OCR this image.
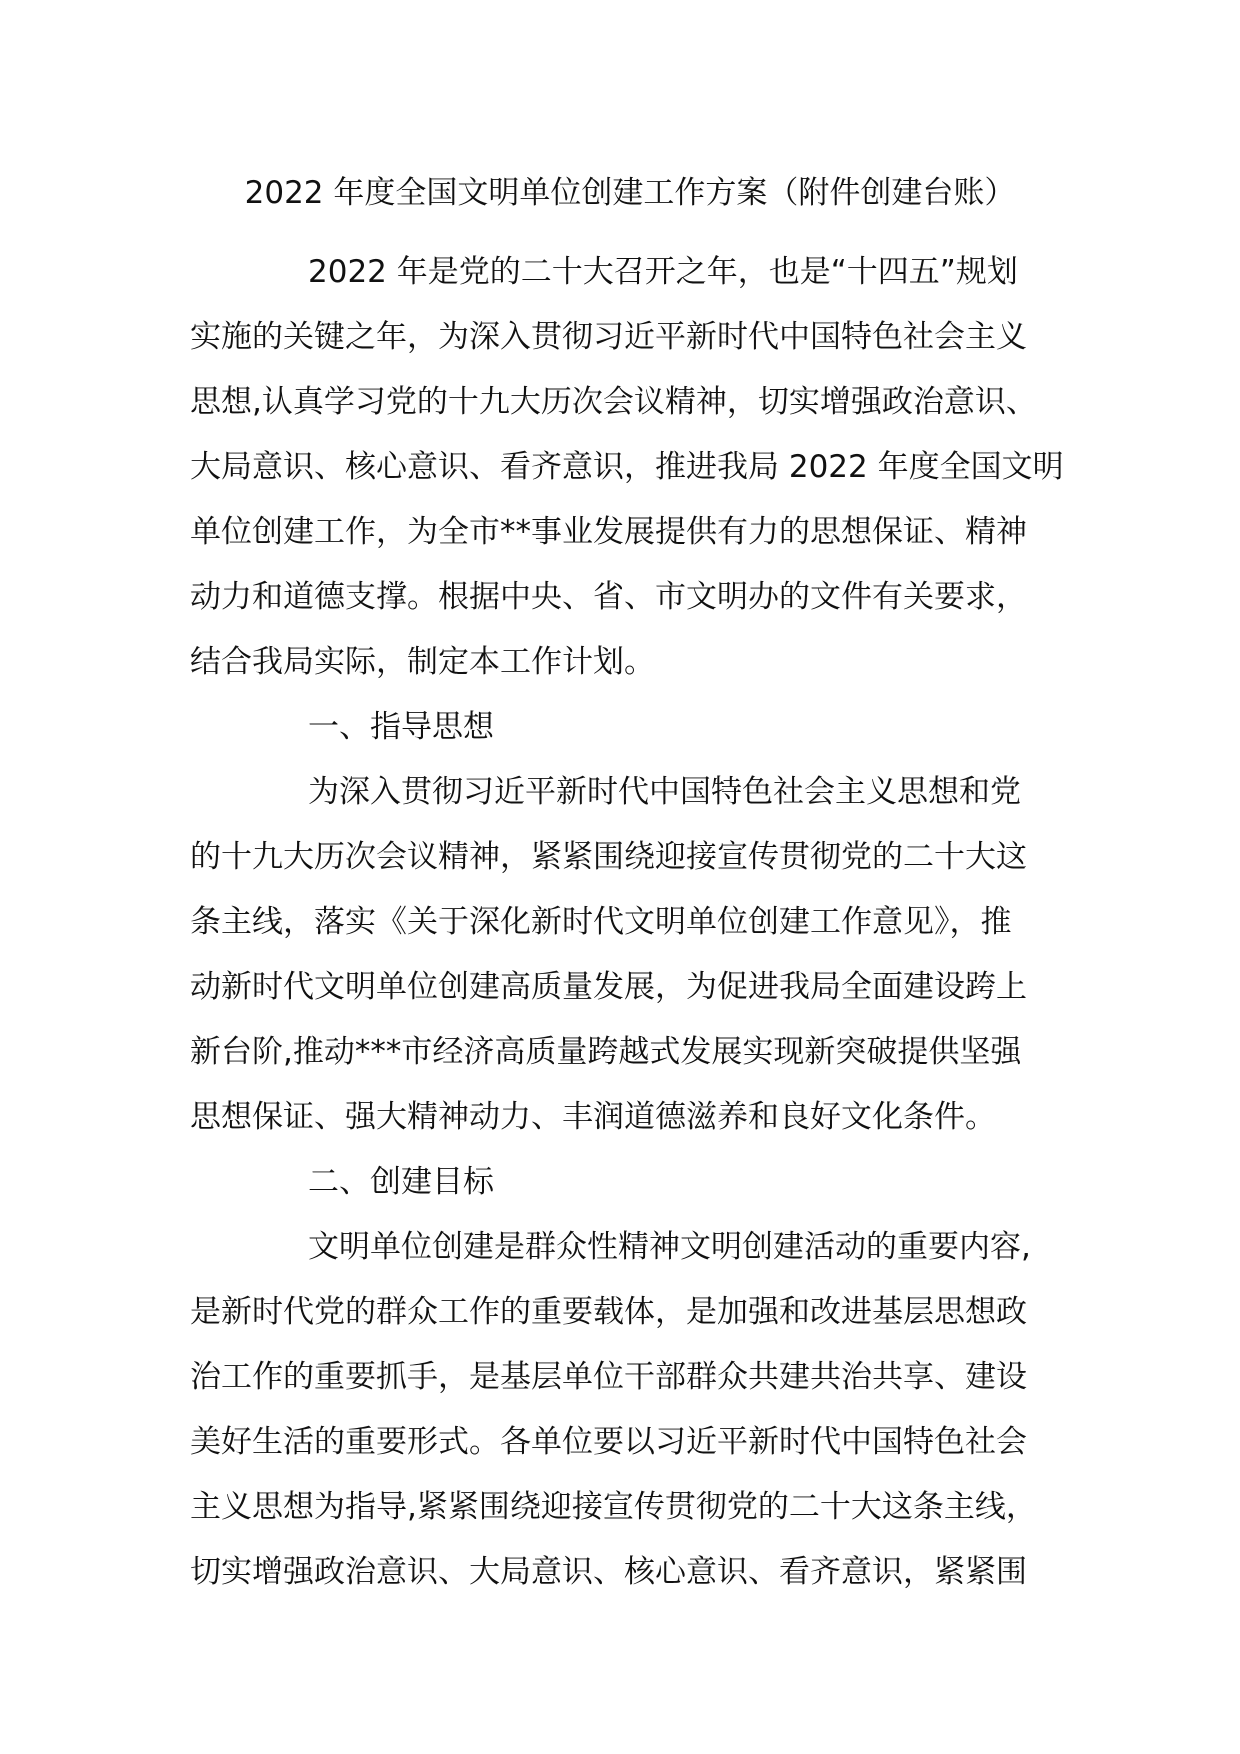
2022 年度全国文明单位创建工作方案（附件创建台账）
2022 年是党的二十大召开之年，也是“十四五”规划
实施的关键之年，为深入贯彻习近平新时代中国特色社会主义
思想,认真学习党的十九大历次会议精神，切实增强政治意识、
大局意识、核心意识、看齐意识，推进我局 2022 年度全国文明
单位创建工作，为全市**事业发展提供有力的思想保证、精神
动力和道德支撑。根据中央、省、市文明办的文件有关要求，
结合我局实际，制定本工作计划。
一、指导思想
为深入贯彻习近平新时代中国特色社会主义思想和党
的十九大历次会议精神，紧紧围绕迎接宣传贯彻党的二十大这
条主线，落实《关于深化新时代文明单位创建工作意见》，推
动新时代文明单位创建高质量发展，为促进我局全面建设跨上
新台阶,推动***市经济高质量跨越式发展实现新突破提供坚强
思想保证、强大精神动力、丰润道德滋养和良好文化条件。
二、创建目标
文明单位创建是群众性精神文明创建活动的重要内容,
是新时代党的群众工作的重要载体，是加强和改进基层思想政
治工作的重要抓手，是基层单位干部群众共建共治共享、建设
美好生活的重要形式。各单位要以习近平新时代中国特色社会
主义思想为指导,紧紧围绕迎接宣传贯彻党的二十大这条主线，
切实增强政治意识、大局意识、核心意识、看齐意识，紧紧围
